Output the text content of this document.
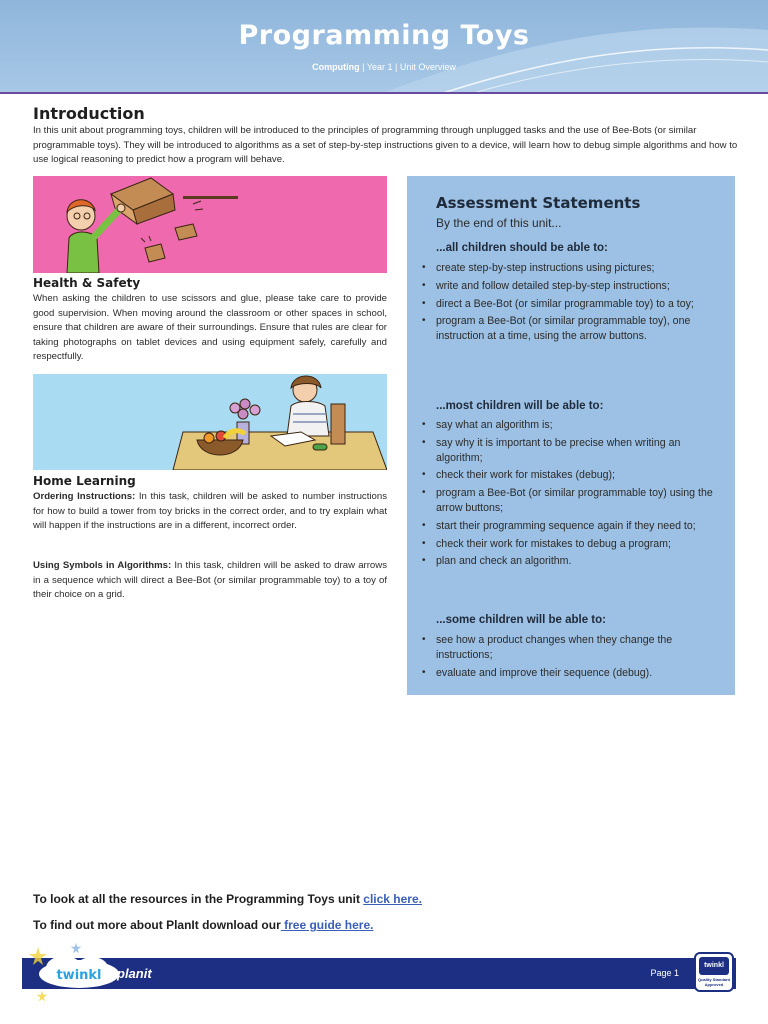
Programming Toys
Computing | Year 1 | Unit Overview
Introduction
In this unit about programming toys, children will be introduced to the principles of programming through unplugged tasks and the use of Bee-Bots (or similar programmable toys). They will be introduced to algorithms as a set of step-by-step instructions given to a device, will learn how to debug simple algorithms and how to use logical reasoning to predict how a program will behave.
Health & Safety
When asking the children to use scissors and glue, please take care to provide good supervision. When moving around the classroom or other spaces in school, ensure that children are aware of their surroundings. Ensure that rules are clear for taking photographs on tablet devices and using equipment safely, carefully and respectfully.
Home Learning
Ordering Instructions: In this task, children will be asked to number instructions for how to build a tower from toy bricks in the correct order, and to try explain what will happen if the instructions are in a different, incorrect order.
Using Symbols in Algorithms: In this task, children will be asked to draw arrows in a sequence which will direct a Bee-Bot (or similar programmable toy) to a toy of their choice on a grid.
Assessment Statements
By the end of this unit...
...all children should be able to:
• create step-by-step instructions using pictures;
• write and follow detailed step-by-step instructions;
• direct a Bee-Bot (or similar programmable toy) to a toy;
• program a Bee-Bot (or similar programmable toy), one instruction at a time, using the arrow buttons.
...most children will be able to:
• say what an algorithm is;
• say why it is important to be precise when writing an algorithm;
• check their work for mistakes (debug);
• program a Bee-Bot (or similar programmable toy) using the arrow buttons;
• start their programming sequence again if they need to;
• check their work for mistakes to debug a program;
• plan and check an algorithm.
...some children will be able to:
• see how a product changes when they change the instructions;
• evaluate and improve their sequence (debug).
To look at all the resources in the Programming Toys unit click here.
To find out more about PlanIt download our free guide here.
Page 1
twinkl planit
twinkl
Quality Standard Approved
